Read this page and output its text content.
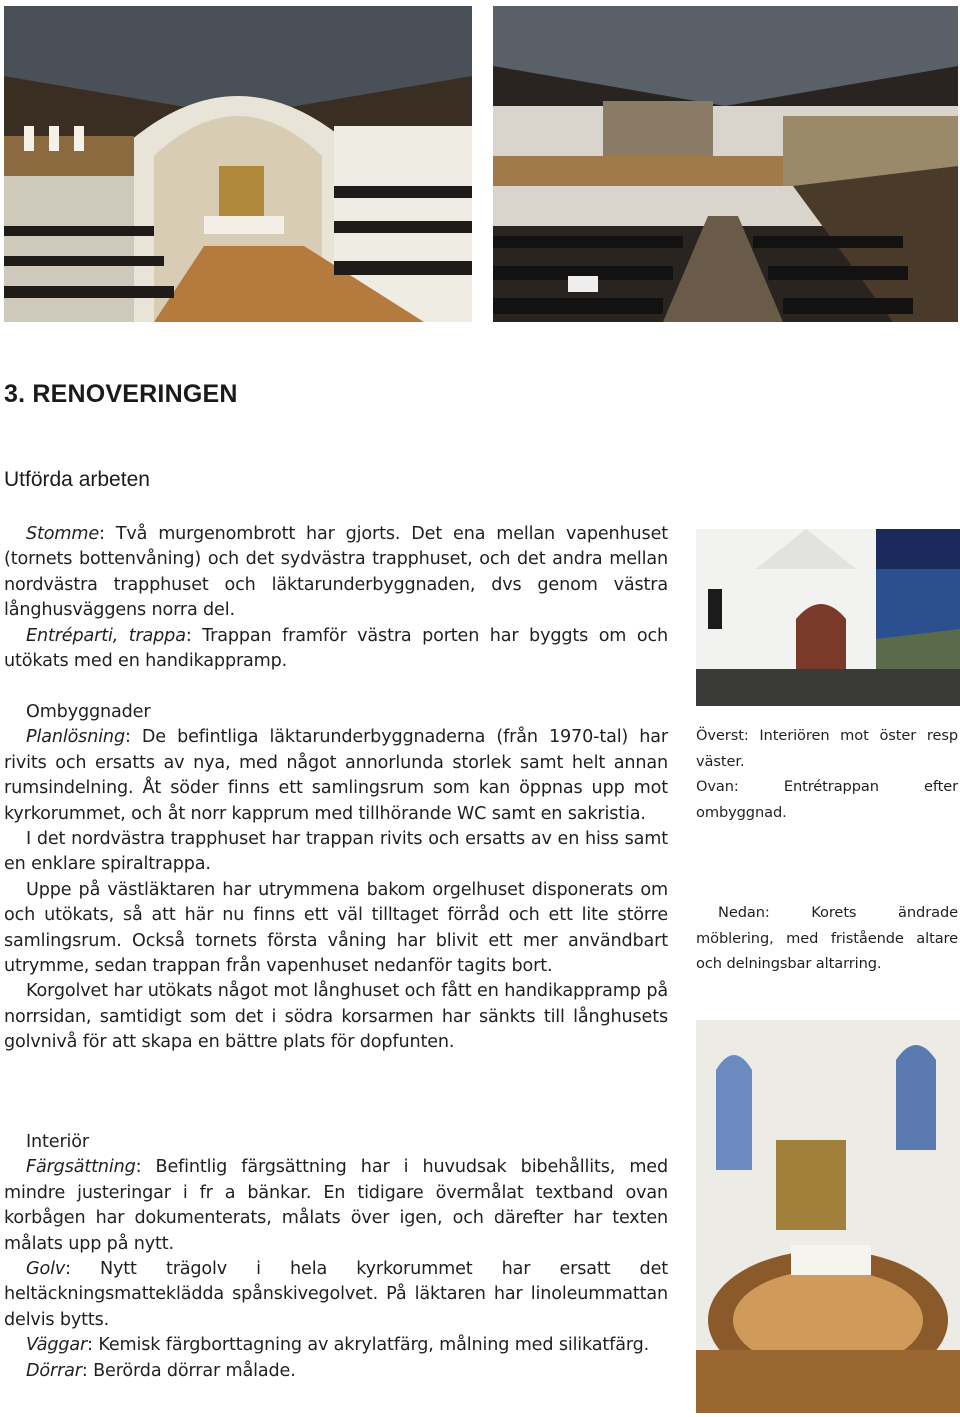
3. RENOVERINGEN
Utförda arbeten

Stomme: Två murgenombrott har gjorts. Det ena mellan vapenhuset (tornets bottenvåning) och det sydvästra trapphuset, och det andra mellan nordvästra trapphuset och läktarunderbyggnaden, dvs genom västra långhusväggens norra del.

Entréparti, trappa: Trappan framför västra porten har byggts om och utökats med en handikappramp.

Ombyggnader

Planlösning: De befintliga läktarunderbyggnaderna (från 1970-tal) har rivits och ersatts av nya, med något annorlunda storlek samt helt annan rumsindelning. Åt söder finns ett samlingsrum som kan öppnas upp mot kyrkorummet, och åt norr kapprum med tillhörande WC samt en sakristia.

I det nordvästra trapphuset har trappan rivits och ersatts av en hiss samt en enklare spiraltrappa.

Uppe på västläktaren har utrymmena bakom orgelhuset disponerats om och utökats, så att här nu finns ett väl tilltaget förråd och ett lite större samlingsrum. Också tornets första våning har blivit ett mer användbart utrymme, sedan trappan från vapenhuset nedanför tagits bort.

Korgolvet har utökats något mot långhuset och fått en handikappramp på norrsidan, samtidigt som det i södra korsarmen har sänkts till långhusets golvnivå för att skapa en bättre plats för dopfunten.

Interiör

Färgsättning: Befintlig färgsättning har i huvudsak bibehållits, med mindre justeringar i fr a bänkar. En tidigare övermålat textband ovan korbågen har dokumenterats, målats över igen, och därefter har texten målats upp på nytt.

Golv: Nytt trägolv i hela kyrkorummet har ersatt det heltäckningsmatteklädda spånskivegolvet. På läktaren har linoleummattan delvis bytts.

Väggar: Kemisk färgborttagning av akrylatfärg, målning med silikatfärg.

Dörrar: Berörda dörrar målade.

Överst: Interiören mot öster resp väster.

Ovan: Entrétrappan efter ombyggnad.

Nedan: Korets ändrade möblering, med fristående altare och delningsbar altarring.
